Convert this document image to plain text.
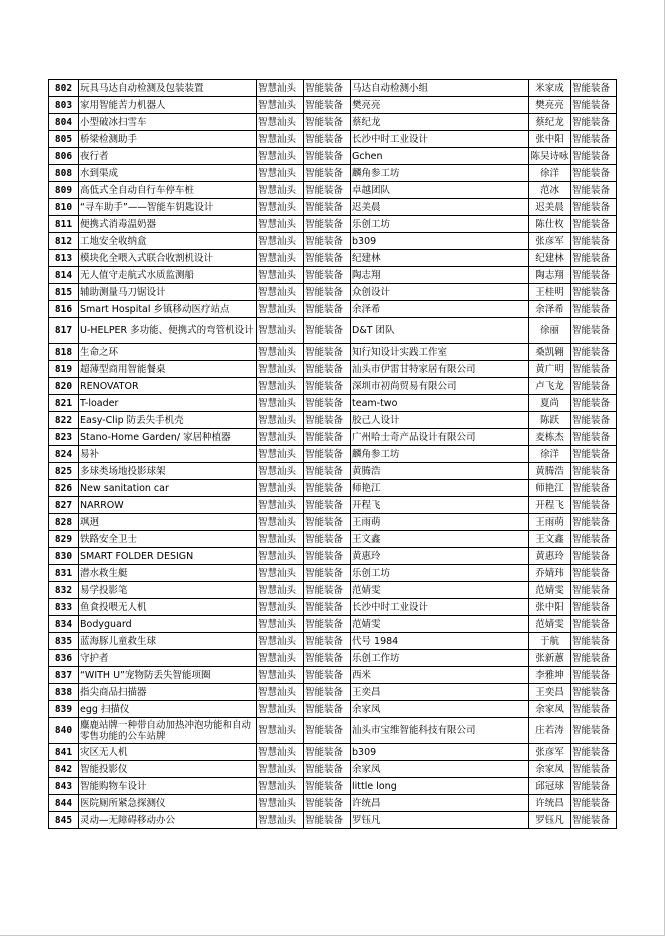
802	玩具马达自动检测及包装装置	智慧汕头	智能装备	马达自动检测小组	米家成	智能装备
803	家用智能苦力机器人	智慧汕头	智能装备	樊亮亮	樊亮亮	智能装备
804	小型破冰扫雪车	智慧汕头	智能装备	蔡纪龙	蔡纪龙	智能装备
805	桥梁检测助手	智慧汕头	智能装备	长沙中时工业设计	张中阳	智能装备
806	夜行者	智慧汕头	智能装备	Gchen	陈吴诗咏	智能装备
808	水到渠成	智慧汕头	智能装备	麟角参工坊	徐洋	智能装备
809	高低式全自动自行车停车桩	智慧汕头	智能装备	卓越团队	范冰	智能装备
810	“寻车助手”——智能车钥匙设计	智慧汕头	智能装备	迟美晨	迟美晨	智能装备
811	便携式消毒温奶器	智慧汕头	智能装备	乐创工坊	陈仕枚	智能装备
812	工地安全收纳盒	智慧汕头	智能装备	b309	张彦军	智能装备
813	模块化全喂入式联合收割机设计	智慧汕头	智能装备	纪建林	纪建林	智能装备
814	无人值守走航式水质监测船	智慧汕头	智能装备	陶志翔	陶志翔	智能装备
815	辅助测量马刀锯设计	智慧汕头	智能装备	众创设计	王桂明	智能装备
816	Smart Hospital 乡镇移动医疗站点	智慧汕头	智能装备	余泽希	余泽希	智能装备
817	U-HELPER 多功能、便携式的弯管机设计	智慧汕头	智能装备	D&T 团队	徐丽	智能装备
818	生命之环	智慧汕头	智能装备	知行知设计实践工作室	桑凯翱	智能装备
819	超薄型商用智能餐桌	智慧汕头	智能装备	汕头市伊雷甘特家居有限公司	黄广明	智能装备
820	RENOVATOR	智慧汕头	智能装备	深圳市初尚贸易有限公司	卢飞龙	智能装备
821	T-loader	智慧汕头	智能装备	team-two	夏尚	智能装备
822	Easy-Clip 防丢失手机壳	智慧汕头	智能装备	胶己人设计	陈跃	智能装备
823	Stano-Home Garden/ 家居种植器	智慧汕头	智能装备	广州哈士奇产品设计有限公司	麦栋杰	智能装备
824	易补	智慧汕头	智能装备	麟角参工坊	徐洋	智能装备
825	多球类场地投影球架	智慧汕头	智能装备	黄腾浩	黄腾浩	智能装备
826	New sanitation car	智慧汕头	智能装备	师艳江	师艳江	智能装备
827	NARROW	智慧汕头	智能装备	开程飞	开程飞	智能装备
828	飒迥	智慧汕头	智能装备	王雨萌	王雨萌	智能装备
829	铁路安全卫士	智慧汕头	智能装备	王文鑫	王文鑫	智能装备
830	SMART FOLDER DESIGN	智慧汕头	智能装备	黄惠玲	黄惠玲	智能装备
831	潜水救生艇	智慧汕头	智能装备	乐创工坊	乔婧玮	智能装备
832	易学投影笔	智慧汕头	智能装备	范婧雯	范婧雯	智能装备
833	鱼食投喂无人机	智慧汕头	智能装备	长沙中时工业设计	张中阳	智能装备
834	Bodyguard	智慧汕头	智能装备	范婧雯	范婧雯	智能装备
835	蓝海豚儿童救生球	智慧汕头	智能装备	代号 1984	于航	智能装备
836	守护者	智慧汕头	智能装备	乐创工作坊	张新蕙	智能装备
837	“WITH U”宠物防丢失智能项圈	智慧汕头	智能装备	西米	李雅坤	智能装备
838	指尖商品扫描器	智慧汕头	智能装备	王奕昌	王奕昌	智能装备
839	egg 扫描仪	智慧汕头	智能装备	余家凤	余家凤	智能装备
840	麋鹿站牌一种带自动加热冲泡功能和自动零售功能的公车站牌	智慧汕头	智能装备	汕头市宝维智能科技有限公司	庄若涛	智能装备
841	灾区无人机	智慧汕头	智能装备	b309	张彦军	智能装备
842	智能投影仪	智慧汕头	智能装备	余家凤	余家凤	智能装备
843	智能购物车设计	智慧汕头	智能装备	little long	邱冠球	智能装备
844	医院厕所紧急探测仪	智慧汕头	智能装备	许统昌	许统昌	智能装备
845	灵动—无障碍移动办公	智慧汕头	智能装备	罗钰凡	罗钰凡	智能装备
